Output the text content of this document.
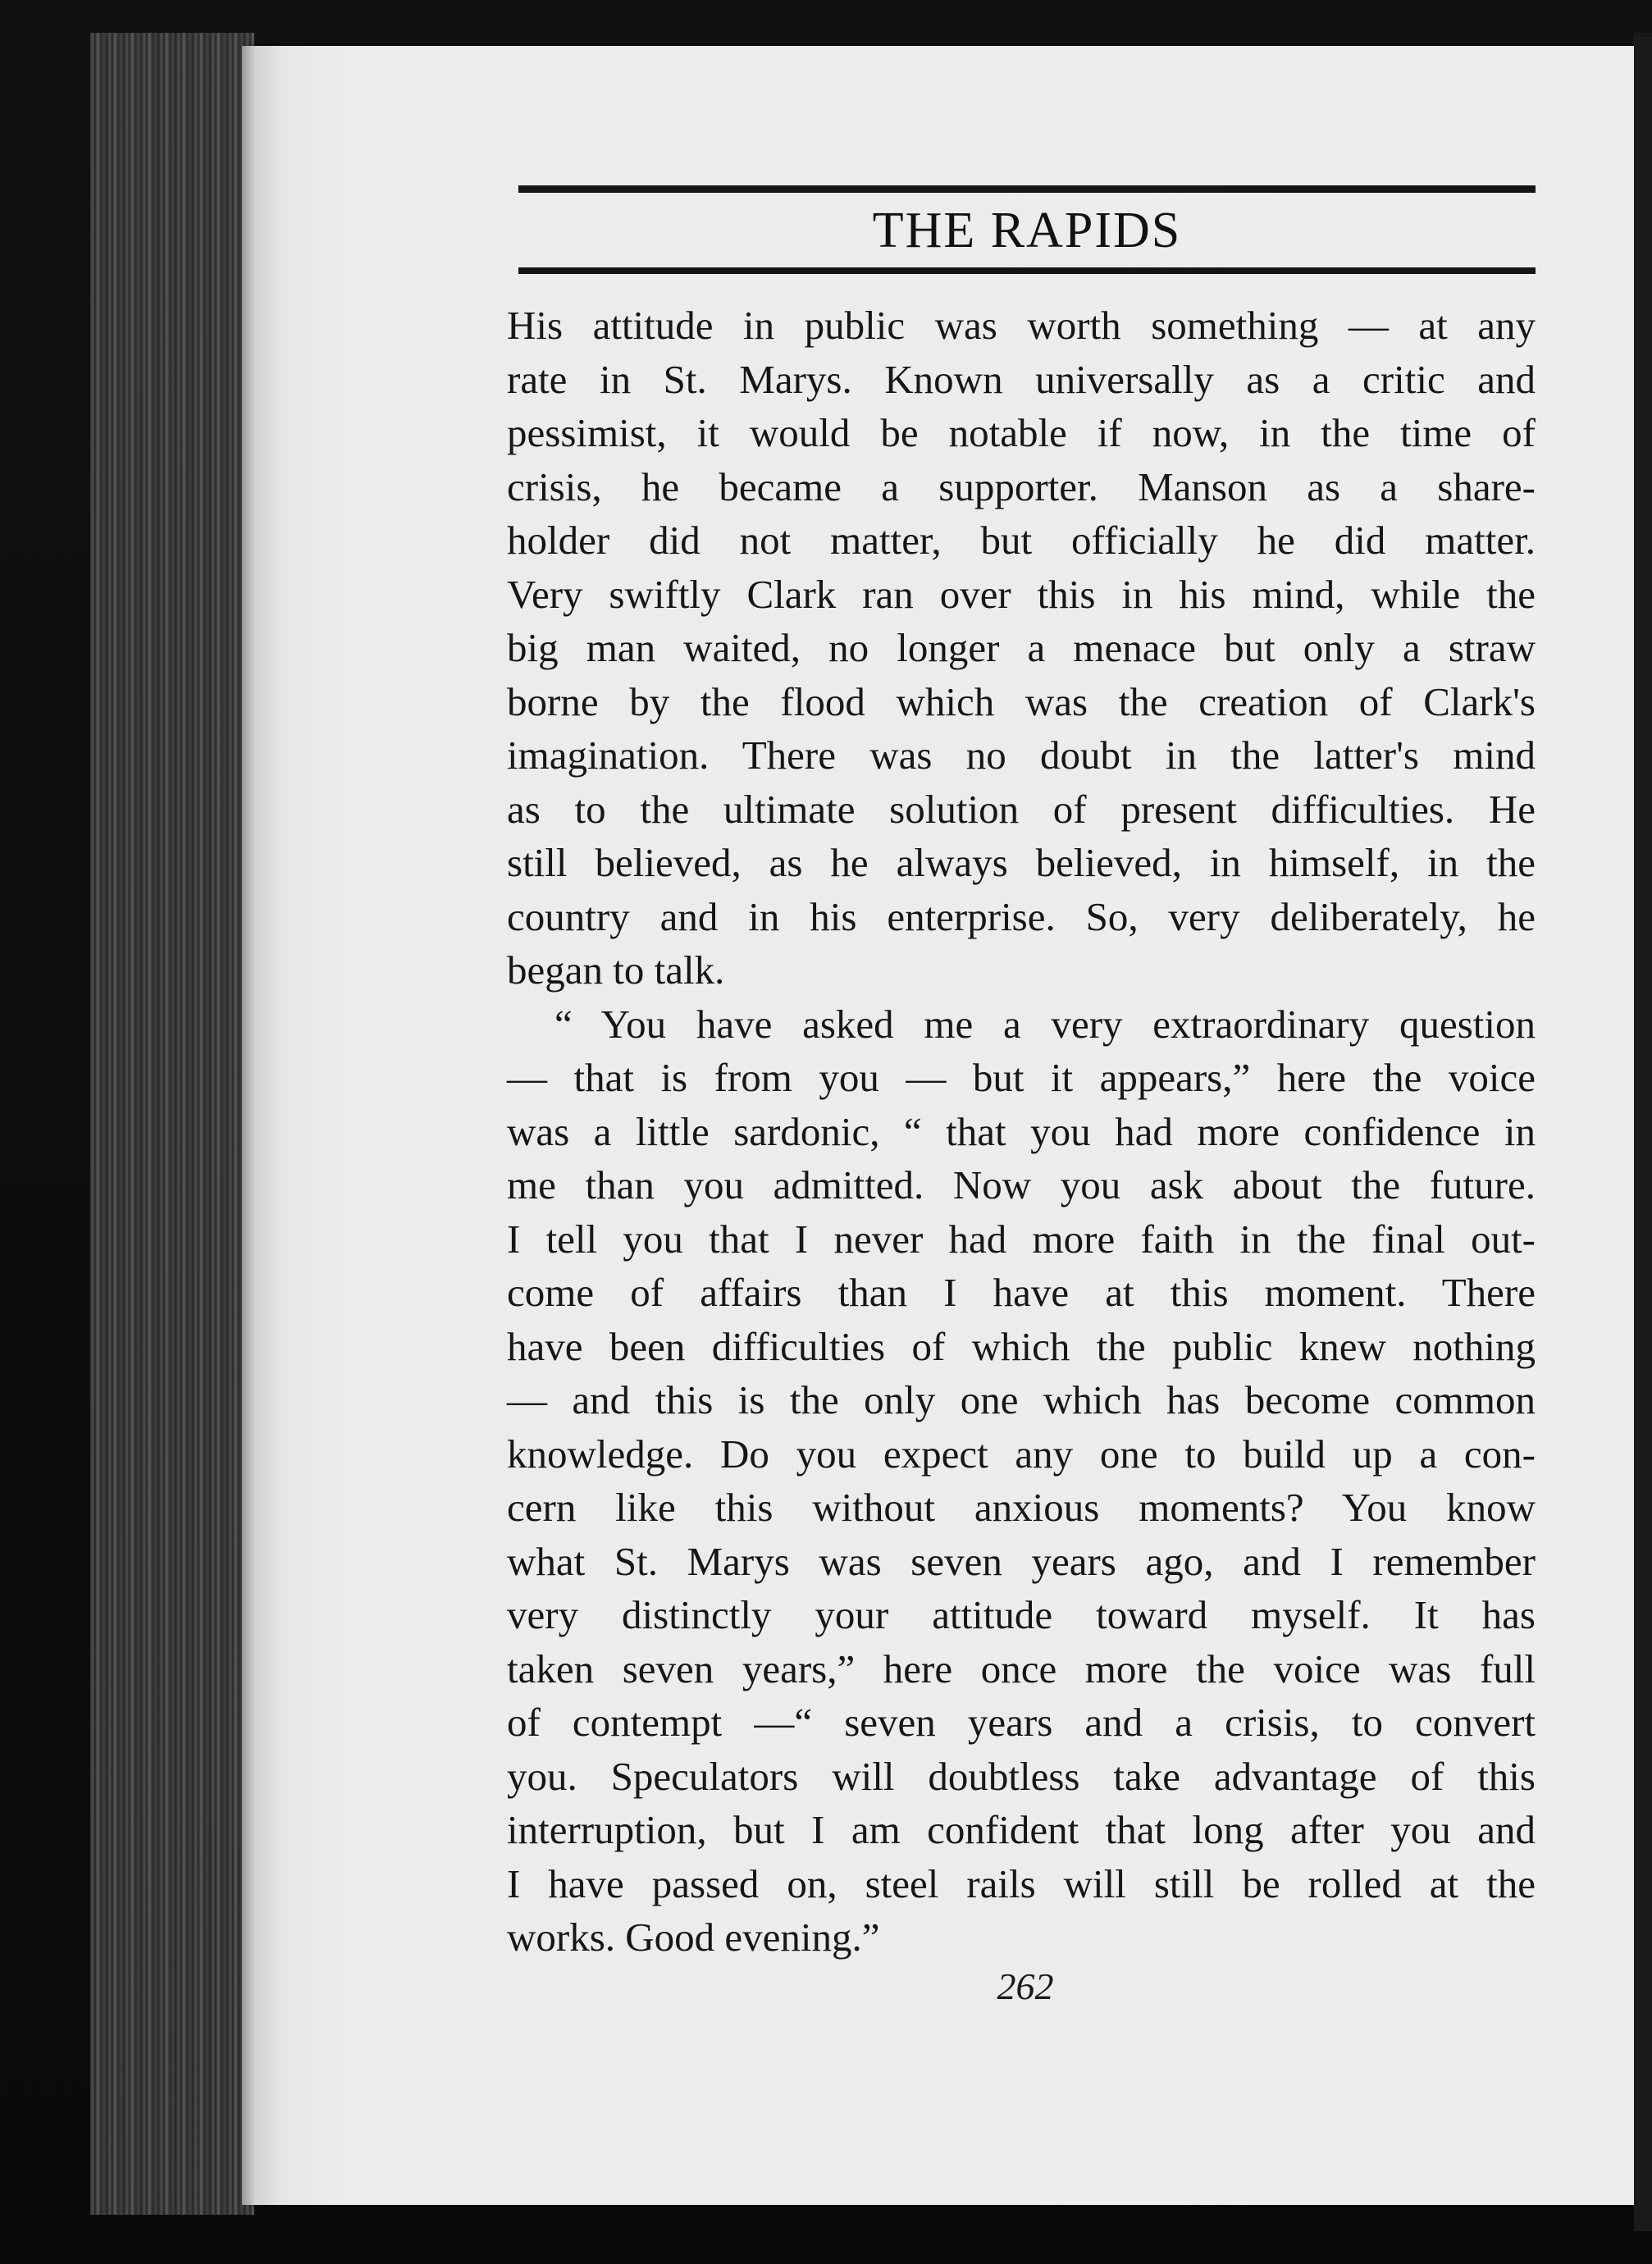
THE RAPIDS
His attitude in public was worth something — at any
rate in St. Marys. Known universally as a critic and
pessimist, it would be notable if now, in the time of
crisis, he became a supporter. Manson as a share-
holder did not matter, but officially he did matter.
Very swiftly Clark ran over this in his mind, while the
big man waited, no longer a menace but only a straw
borne by the flood which was the creation of Clark's
imagination. There was no doubt in the latter's mind
as to the ultimate solution of present difficulties. He
still believed, as he always believed, in himself, in the
country and in his enterprise. So, very deliberately, he
began to talk.
“ You have asked me a very extraordinary question
— that is from you — but it appears,” here the voice
was a little sardonic, “ that you had more confidence in
me than you admitted. Now you ask about the future.
I tell you that I never had more faith in the final out-
come of affairs than I have at this moment. There
have been difficulties of which the public knew nothing
— and this is the only one which has become common
knowledge. Do you expect any one to build up a con-
cern like this without anxious moments? You know
what St. Marys was seven years ago, and I remember
very distinctly your attitude toward myself. It has
taken seven years,” here once more the voice was full
of contempt —“ seven years and a crisis, to convert
you. Speculators will doubtless take advantage of this
interruption, but I am confident that long after you and
I have passed on, steel rails will still be rolled at the
works. Good evening.”
262
